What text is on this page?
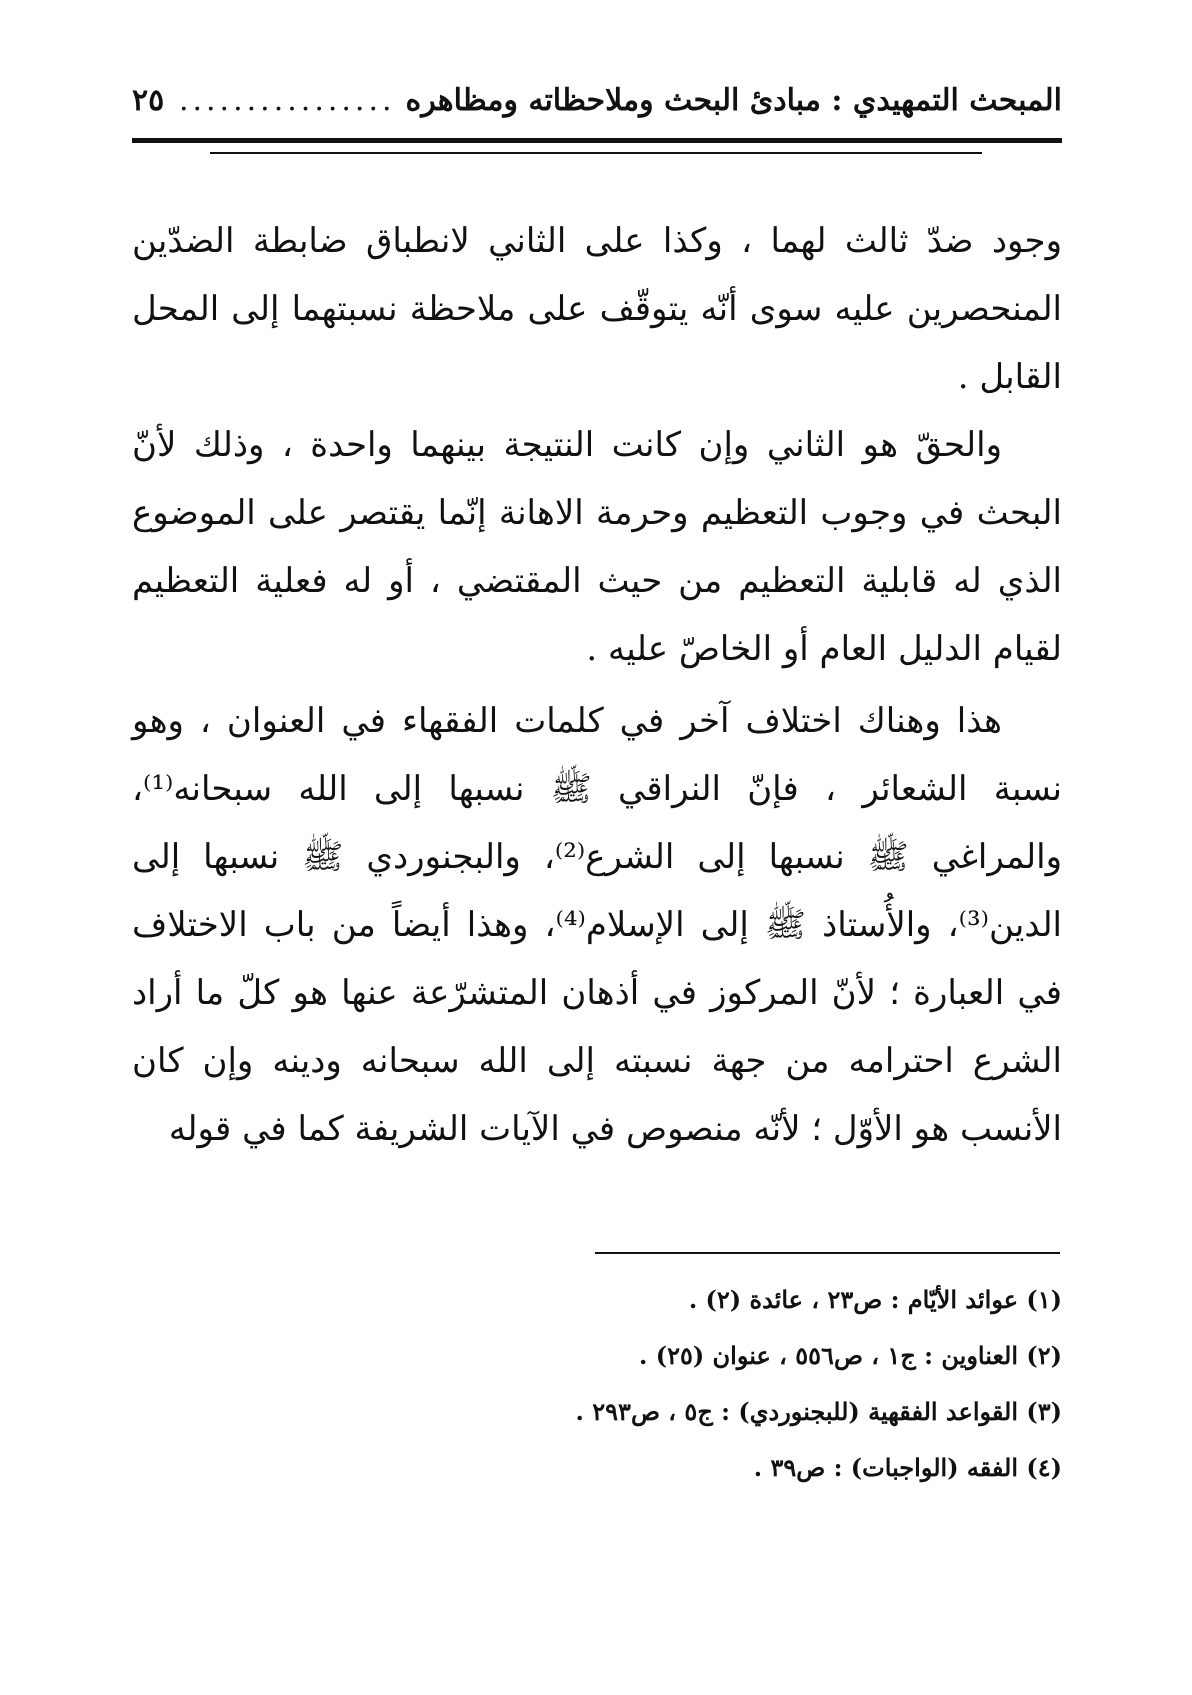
المبحث التمهيدي : مبادئ البحث وملاحظاته ومظاهره
................
٢٥

وجود ضدّ ثالث لهما ، وكذا على الثاني لانطباق ضابطة الضدّين المنحصرين عليه سوى أنّه يتوقّف على ملاحظة نسبتهما إلى المحل القابل .

والحقّ هو الثاني وإن كانت النتيجة بينهما واحدة ، وذلك لأنّ البحث في وجوب التعظيم وحرمة الاهانة إنّما يقتصر على الموضوع الذي له قابلية التعظيم من حيث المقتضي ، أو له فعلية التعظيم لقيام الدليل العام أو الخاصّ عليه .

هذا وهناك اختلاف آخر في كلمات الفقهاء في العنوان ، وهو نسبة الشعائر ، فإنّ النراقي ﷺ نسبها إلى الله سبحانه⁽¹⁾، والمراغي ﷺ نسبها إلى الشرع⁽²⁾، والبجنوردي ﷺ نسبها إلى الدين⁽³⁾، والأُستاذ ﷺ إلى الإسلام⁽⁴⁾، وهذا أيضاً من باب الاختلاف في العبارة ؛ لأنّ المركوز في أذهان المتشرّعة عنها هو كلّ ما أراد الشرع احترامه من جهة نسبته إلى الله سبحانه ودينه وإن كان الأنسب هو الأوّل ؛ لأنّه منصوص في الآيات الشريفة كما في قوله

(١) عوائد الأيّام : ص٢٣ ، عائدة (٢) .
(٢) العناوين : ج١ ، ص٥٥٦ ، عنوان (٢٥) .
(٣) القواعد الفقهية (للبجنوردي) : ج٥ ، ص٢٩٣ .
(٤) الفقه (الواجبات) : ص٣٩ .
